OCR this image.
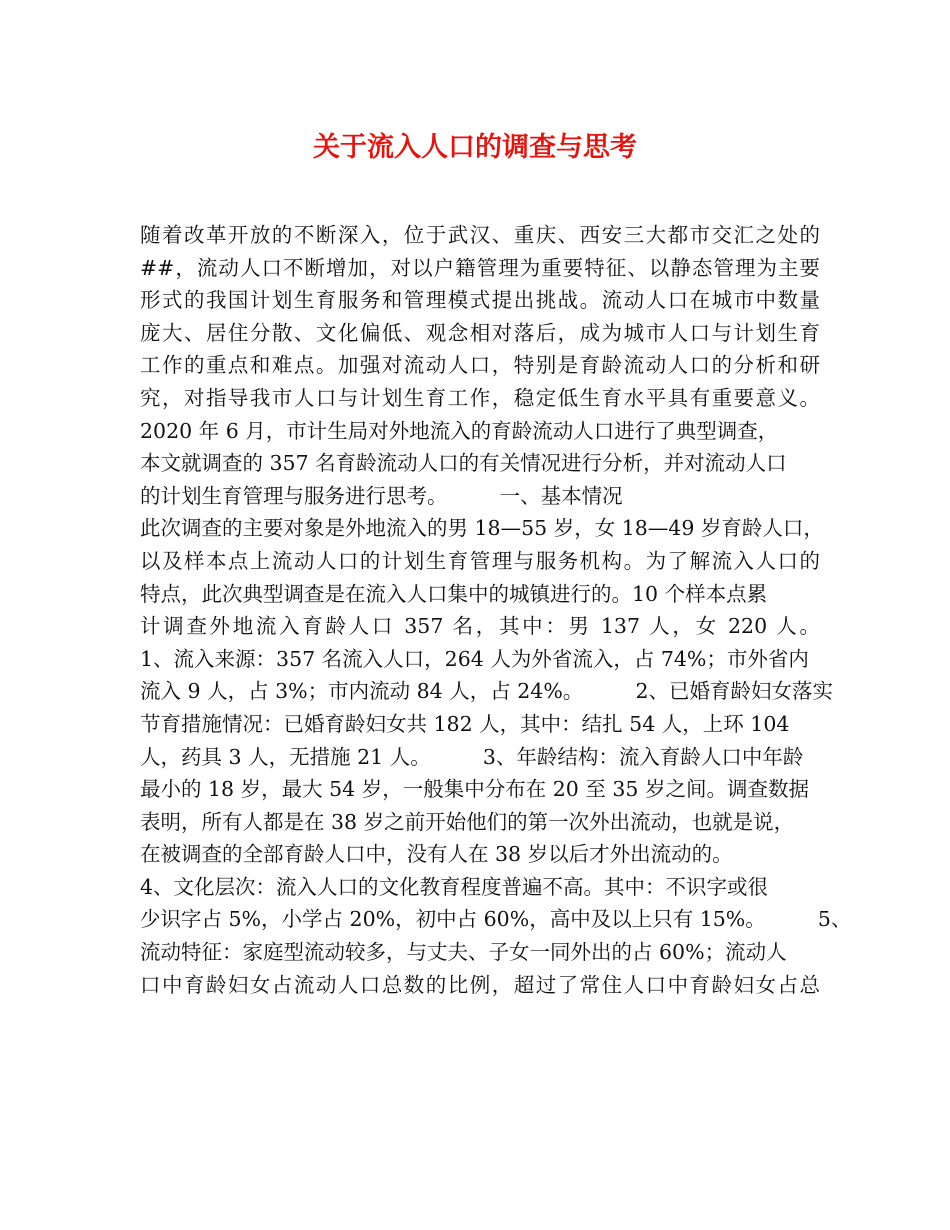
关于流入人口的调查与思考
随着改革开放的不断深入，位于武汉、重庆、西安三大都市交汇之处的
##，流动人口不断增加，对以户籍管理为重要特征、以静态管理为主要
形式的我国计划生育服务和管理模式提出挑战。流动人口在城市中数量
庞大、居住分散、文化偏低、观念相对落后，成为城市人口与计划生育
工作的重点和难点。加强对流动人口，特别是育龄流动人口的分析和研
究，对指导我市人口与计划生育工作，稳定低生育水平具有重要意义。
2020 年 6 月，市计生局对外地流入的育龄流动人口进行了典型调查，
本文就调查的 357 名育龄流动人口的有关情况进行分析，并对流动人口
的计划生育管理与服务进行思考。        一、基本情况
此次调查的主要对象是外地流入的男 18—55 岁，女 18—49 岁育龄人口，
以及样本点上流动人口的计划生育管理与服务机构。为了解流入人口的
特点，此次典型调查是在流入人口集中的城镇进行的。10 个样本点累
计调查外地流入育龄人口 357 名，其中：男 137 人，女 220 人。
1、流入来源：357 名流入人口，264 人为外省流入，占 74%；市外省内
流入 9 人，占 3%；市内流动 84 人，占 24%。        2、已婚育龄妇女落实
节育措施情况：已婚育龄妇女共 182 人，其中：结扎 54 人，上环 104
人，药具 3 人，无措施 21 人。        3、年龄结构：流入育龄人口中年龄
最小的 18 岁，最大 54 岁，一般集中分布在 20 至 35 岁之间。调查数据
表明，所有人都是在 38 岁之前开始他们的第一次外出流动，也就是说，
在被调查的全部育龄人口中，没有人在 38 岁以后才外出流动的。
4、文化层次：流入人口的文化教育程度普遍不高。其中：不识字或很
少识字占 5%，小学占 20%，初中占 60%，高中及以上只有 15%。        5、
流动特征：家庭型流动较多，与丈夫、子女一同外出的占 60%；流动人
口中育龄妇女占流动人口总数的比例，超过了常住人口中育龄妇女占总
